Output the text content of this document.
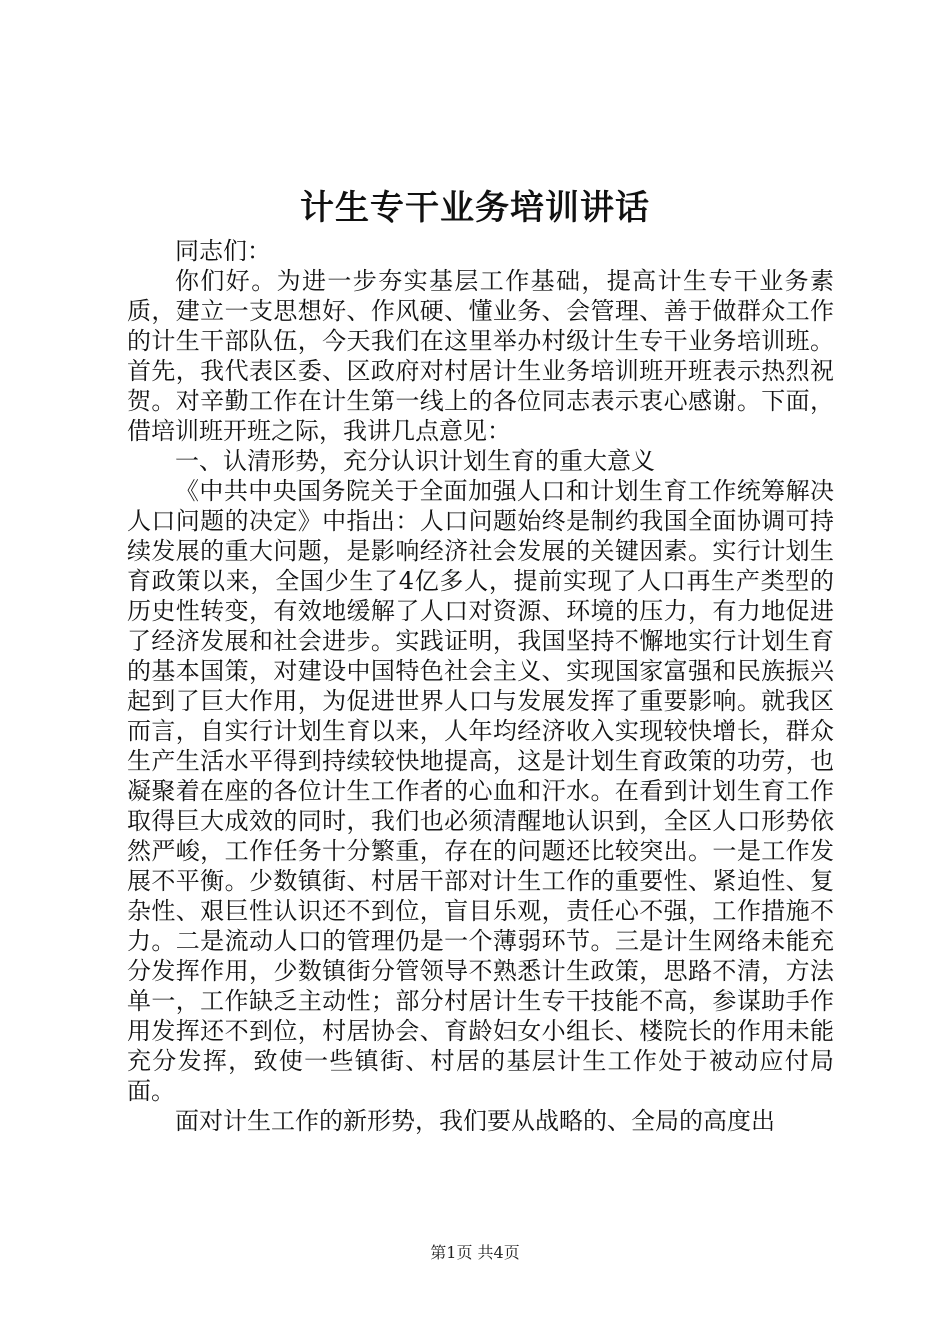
计生专干业务培训讲话

同志们：

你们好。为进一步夯实基层工作基础，提高计生专干业务素质，建立一支思想好、作风硬、懂业务、会管理、善于做群众工作的计生干部队伍，今天我们在这里举办村级计生专干业务培训班。首先，我代表区委、区政府对村居计生业务培训班开班表示热烈祝贺。对辛勤工作在计生第一线上的各位同志表示衷心感谢。下面，借培训班开班之际，我讲几点意见：

一、认清形势，充分认识计划生育的重大意义

《中共中央国务院关于全面加强人口和计划生育工作统筹解决人口问题的决定》中指出：人口问题始终是制约我国全面协调可持续发展的重大问题，是影响经济社会发展的关键因素。实行计划生育政策以来，全国少生了4亿多人，提前实现了人口再生产类型的历史性转变，有效地缓解了人口对资源、环境的压力，有力地促进了经济发展和社会进步。实践证明，我国坚持不懈地实行计划生育的基本国策，对建设中国特色社会主义、实现国家富强和民族振兴起到了巨大作用，为促进世界人口与发展发挥了重要影响。就我区而言，自实行计划生育以来，人年均经济收入实现较快增长，群众生产生活水平得到持续较快地提高，这是计划生育政策的功劳，也凝聚着在座的各位计生工作者的心血和汗水。在看到计划生育工作取得巨大成效的同时，我们也必须清醒地认识到，全区人口形势依然严峻，工作任务十分繁重，存在的问题还比较突出。一是工作发展不平衡。少数镇街、村居干部对计生工作的重要性、紧迫性、复杂性、艰巨性认识还不到位，盲目乐观，责任心不强，工作措施不力。二是流动人口的管理仍是一个薄弱环节。三是计生网络未能充分发挥作用，少数镇街分管领导不熟悉计生政策，思路不清，方法单一，工作缺乏主动性；部分村居计生专干技能不高，参谋助手作用发挥还不到位，村居协会、育龄妇女小组长、楼院长的作用未能充分发挥，致使一些镇街、村居的基层计生工作处于被动应付局面。

面对计生工作的新形势，我们要从战略的、全局的高度出

第1页 共4页
